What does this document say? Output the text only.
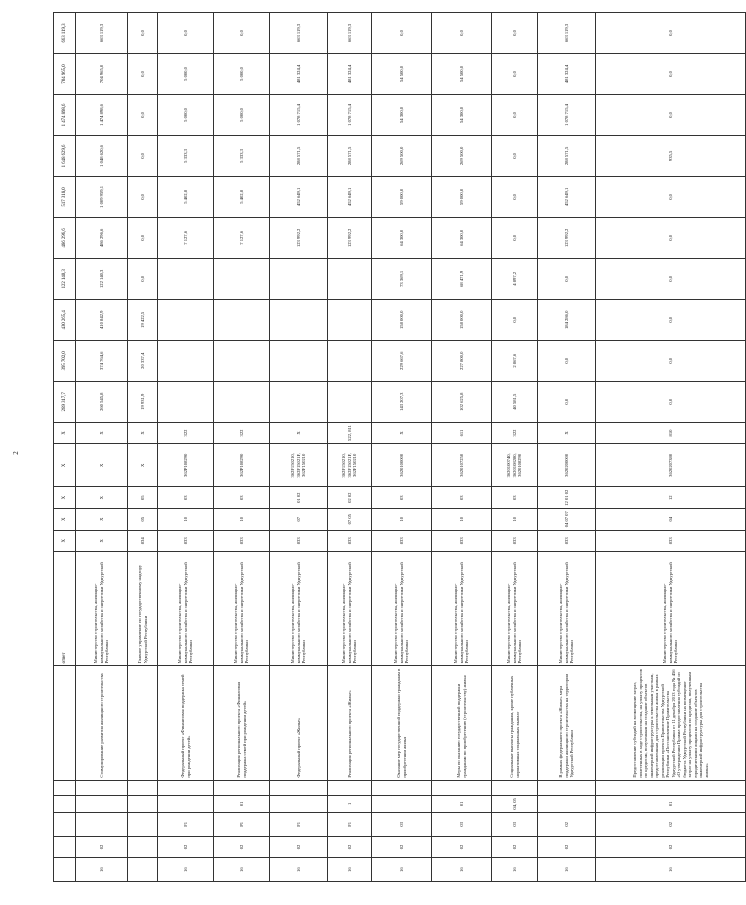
2
						ответ	Х	Х	Х	Х	Х	289 317,7	395 702,0	430 265,4	122 140,3	486 296,6	517 318,0	1 648 629,6	1 474 898,6	704 965,0	663 119,3
16	02				Стимулирование развития жилищного строительства	Министерство строительства, жилищно-коммунального хозяйства и энергетики Удмуртской Республики	Х	Х	Х	Х	Х	260 545,8	374 764,6	410 842,9	122 140,3	486 296,6	1 009 959,1	1 048 620,6	1 474 898,6	704 965,0	663 119,3
						Главное управление по государственному надзору Удмуртской Республики	834	05	05	Х	Х	19 931,9	20 337,4	19 422,5	0,0	0,0	0,0	0,0	0,0	0,0	0,0
16	02	F1			Федеральный проект «Финансовая поддержка семей при рождении детей»	Министерство строительства, жилищно-коммунального хозяйства и энергетики Удмуртской Республики	833	10	03	362Р108290	322					7 127,6	5 402,8	5 333,3	5 000,0	5 000,0	0,0
16	02	P1	01		Реализация регионального проекта «Финансовая поддержка семей при рождении детей»	Министерство строительства, жилищно-коммунального хозяйства и энергетики Удмуртской Республики	833	10	03	362Р108290	322					7 127,6	5 402,8	5 333,3	5 000,0	5 000,0	0,0
16	02	F1			Федеральный проект «Жилье»	Министерство строительства, жилищно-коммунального хозяйства и энергетики Удмуртской Республики	833	07	01 02	362F150210, 362F15021F, 362F150210	Х					123 992,2	452 649,1	288 571,5	1 078 715,4	481 324,4	663 119,3
16	02	F1	1		Реализация регионального проекта «Жилье»	Министерство строительства, жилищно-коммунального хозяйства и энергетики Удмуртской Республики	833	07 05	02 02	362F150210, 362F15021F, 362F150210	522, 811					123 992,2	452 649,1	288 571,5	1 078 715,4	481 324,4	663 119,3
16	02	03			Оказание мер государственной поддержки гражданам в приобретении жилья	Министерство строительства, жилищно-коммунального хозяйства и энергетики Удмуртской Республики	833	10	03	3620100000	Х	143 207,3	229 667,6	158 000,0	73 369,1	64 300,0	59 000,0	269 500,0	54 300,0	54 500,0	0,0
16	02	03	01		Меры по оказанию государственной поддержки гражданам по приобретению (строительству) жилья	Министерство строительства, жилищно-коммунального хозяйства и энергетики Удмуртской Республики	833	10	03	3620107250	611	102 625,8	227 800,0	158 000,0	68 471,9	64 300,0	59 000,0	269 500,0	54 300,0	54 500,0	0,0
16	02	03	04, 05		Социальные выплаты гражданам, кроме публичных нормативных социальных выплат	Министерство строительства, жилищно-коммунального хозяйства и энергетики Удмуртской Республики	833	10	03	3620100740, 3620108280, 3620108290	322	40 581,5	2 867,6	0,0	4 897,2	0,0	0,0	0,0	0,0	0,0	0,0
16	02	02			В рамках федерального проекта «Жилье» мера поддержки жилищного строительства на территории Удмуртской Республики	Министерство строительства, жилищно-коммунального хозяйства и энергетики Удмуртской Республики	833	04 07 07	12 01 02	3620200000	Х	0,0	0,0	184 286,0	0,0	123 992,2	452 649,1	288 571,5	1 078 715,4	481 324,4	663 119,3
16	02	02	01		Предоставление субсидий на возмещение затрат, понесенных в ходе строительства, на уплату процентов по кредитам, полученным на создание объектов инженерной инфраструктуры к земельным участкам, предоставленным для строительства жилья в рамках реализации проекта Правительства Удмуртской Республики «Постановление Правительства Удмуртской Республики от 11 декабря 2013 года № 456 «О утверждении Правил предоставления субсидий из бюджета Удмуртской Республики на возмещение затрат на уплату процентов по кредитам, полученным юридическими лицами на создание объектов инженерной инфраструктуры для строительства жилья»	Министерство строительства, жилищно-коммунального хозяйства и энергетики Удмуртской Республики	833	04	12	3620207380	810	0,0	0,0	0,0	0,0	0,0	0,0	935,5	0,0	0,0	0,0
